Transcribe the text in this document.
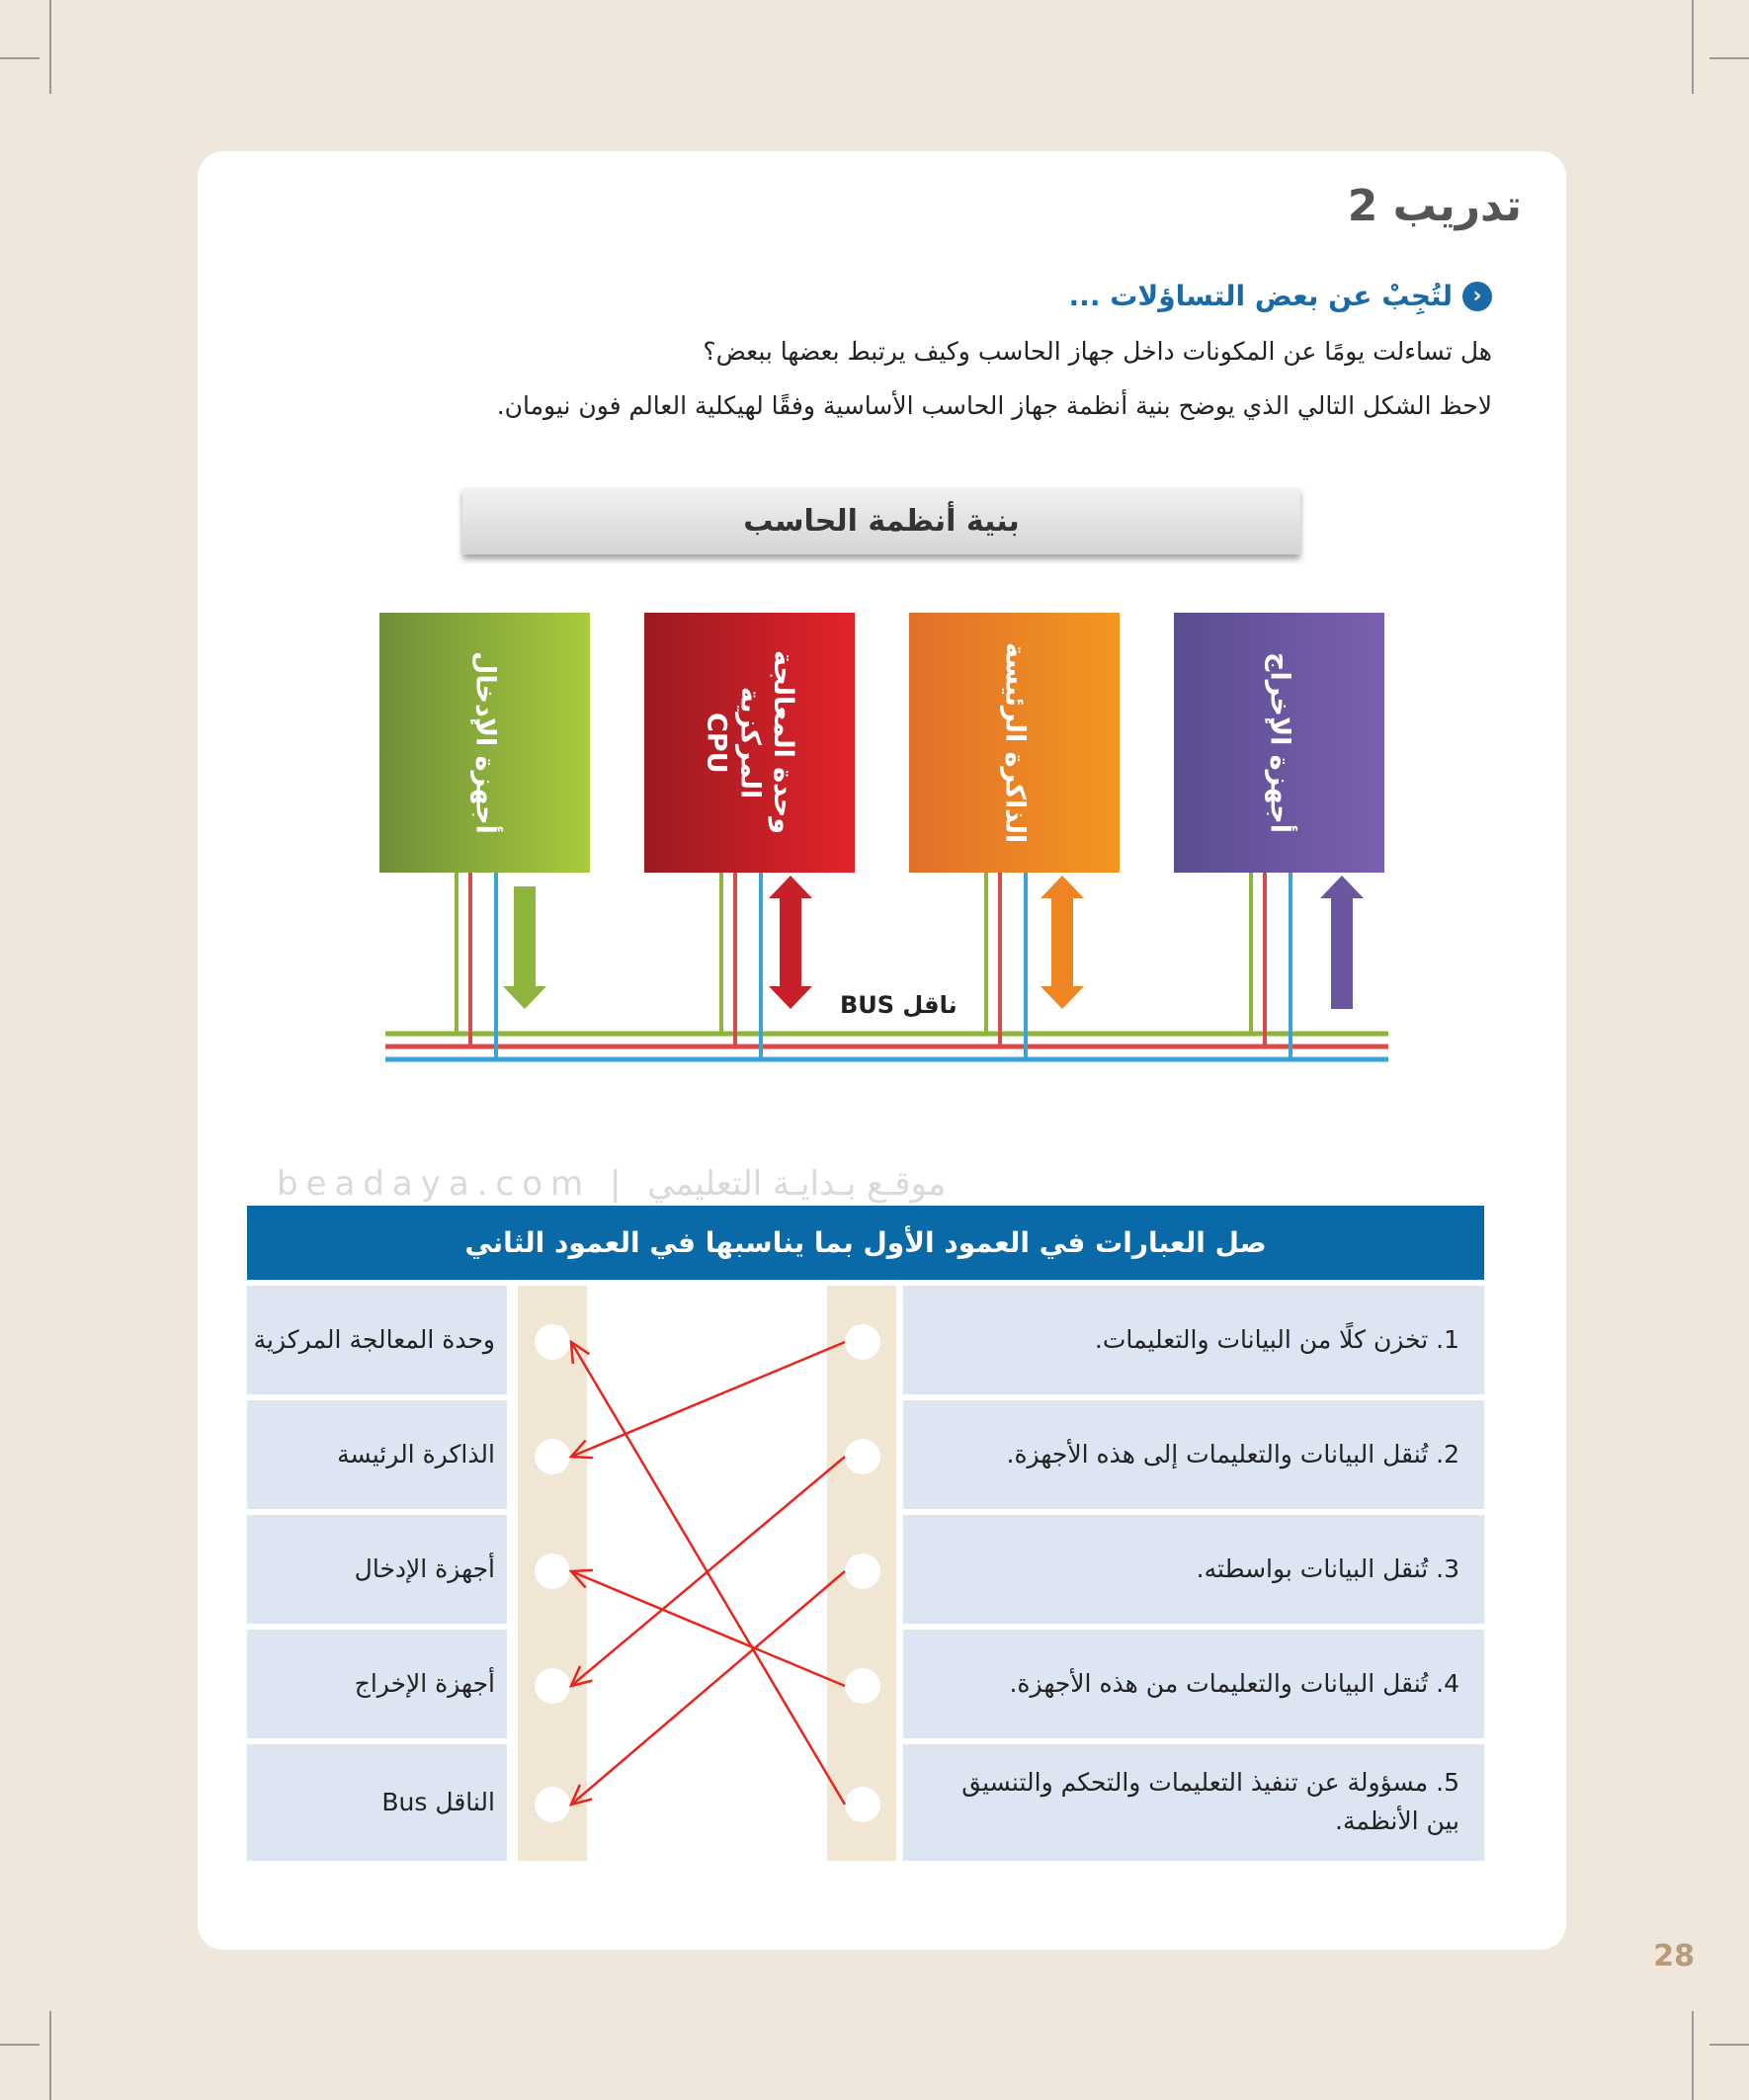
تدريب 2
‹
لتُجِبْ عن بعض التساؤلات ...

هل تساءلت يومًا عن المكونات داخل جهاز الحاسب وكيف يرتبط بعضها ببعض؟

لاحظ الشكل التالي الذي يوضح بنية أنظمة جهاز الحاسب الأساسية وفقًا لهيكلية العالم فون نيومان.

بنية أنظمة الحاسب
أجهزة الإخراج
الذاكرة الرئيسة
وحدة المعالجة المركزية
CPU
أجهزة الإدخال
ناقل BUS
beadaya.com | موقـع بـدايـة التعليمي
صل العبارات في العمود الأول بما يناسبها في العمود الثاني
1. تخزن كلًا من البيانات والتعليمات.
2. تُنقل البيانات والتعليمات إلى هذه الأجهزة.
3. تُنقل البيانات بواسطته.
4. تُنقل البيانات والتعليمات من هذه الأجهزة.
5. مسؤولة عن تنفيذ التعليمات والتحكم والتنسيق بين الأنظمة.
وحدة المعالجة المركزية
الذاكرة الرئيسة
أجهزة الإدخال
أجهزة الإخراج
الناقل Bus
28
